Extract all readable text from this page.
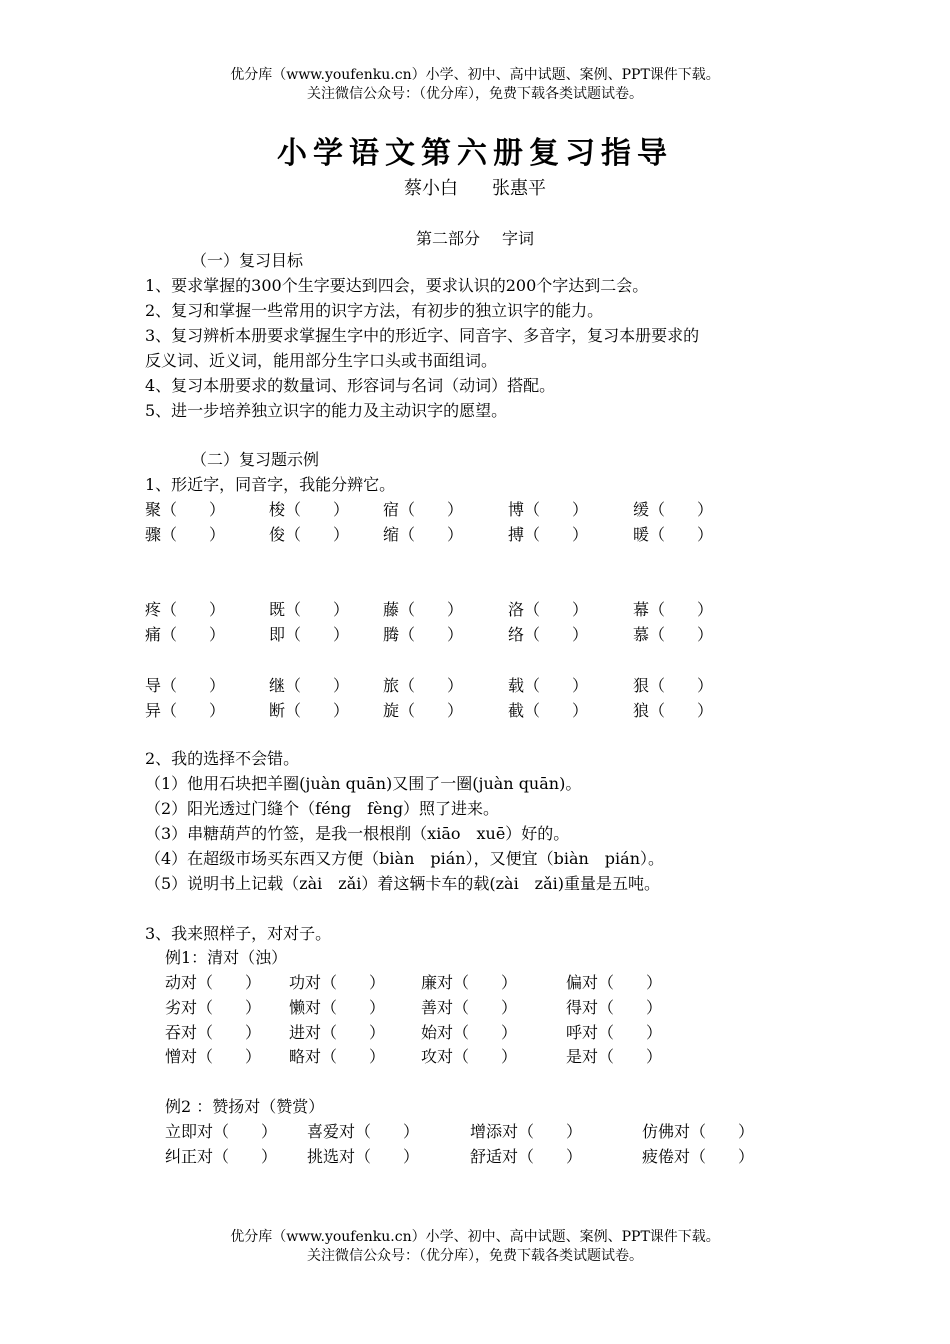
优分库（www.youfenku.cn）小学、初中、高中试题、案例、PPT课件下载。
关注微信公众号：（优分库），免费下载各类试题试卷。
小学语文第六册复习指导
蔡小白 张惠平
第二部分 字词
（一）复习目标
1、要求掌握的300个生字要达到四会，要求认识的200个字达到二会。
2、复习和掌握一些常用的识字方法，有初步的独立识字的能力。
3、复习辨析本册要求掌握生字中的形近字、同音字、多音字，复习本册要求的
反义词、近义词，能用部分生字口头或书面组词。
4、复习本册要求的数量词、形容词与名词（动词）搭配。
5、进一步培养独立识字的能力及主动识字的愿望。
（二）复习题示例
1、形近字，同音字，我能分辨它。
聚（　　）	梭（　　） 宿（　　）	博（　　）	缓（　　）
骤（　　）	俊（　　） 缩（　　）	搏（　　）	暖（　　）
疼（　　）	既（　　） 藤（　　）	洛（　　）	幕（　　）
痛（　　）	即（　　） 腾（　　）	络（　　）	慕（　　）
导（　　）	继（　　） 旅（　　）	载（　　）	狠（　　）
异（　　）	断（　　） 旋（　　）	截（　　）	狼（　　）
2、我的选择不会错。
（1）他用石块把羊圈(juàn quān)又围了一圈(juàn quān)。
（2）阳光透过门缝个（féng　fèng）照了进来。
（3）串糖葫芦的竹签，是我一根根削（xiāo　xuē）好的。
（4）在超级市场买东西又方便（biàn　pián），又便宜（biàn　pián）。
（5）说明书上记载（zài　zǎi）着这辆卡车的载(zài　zǎi)重量是五吨。
3、我来照样子，对对子。
例1：清对（浊）
动对（　　） 功对（　　） 廉对（　　）	偏对（　　）
劣对（　　） 懒对（　　） 善对（　　）	得对（　　）
吞对（　　） 进对（　　） 始对（　　）	呼对（　　）
憎对（　　） 略对（　　） 攻对（　　）	是对（　　）
例2 ：赞扬对（赞赏）
立即对（　　） 喜爱对（　　）	增添对（　　）	仿佛对（　　）
纠正对（　　） 挑选对（　　）	舒适对（　　）	疲倦对（　　）
优分库（www.youfenku.cn）小学、初中、高中试题、案例、PPT课件下载。
关注微信公众号：（优分库），免费下载各类试题试卷。
